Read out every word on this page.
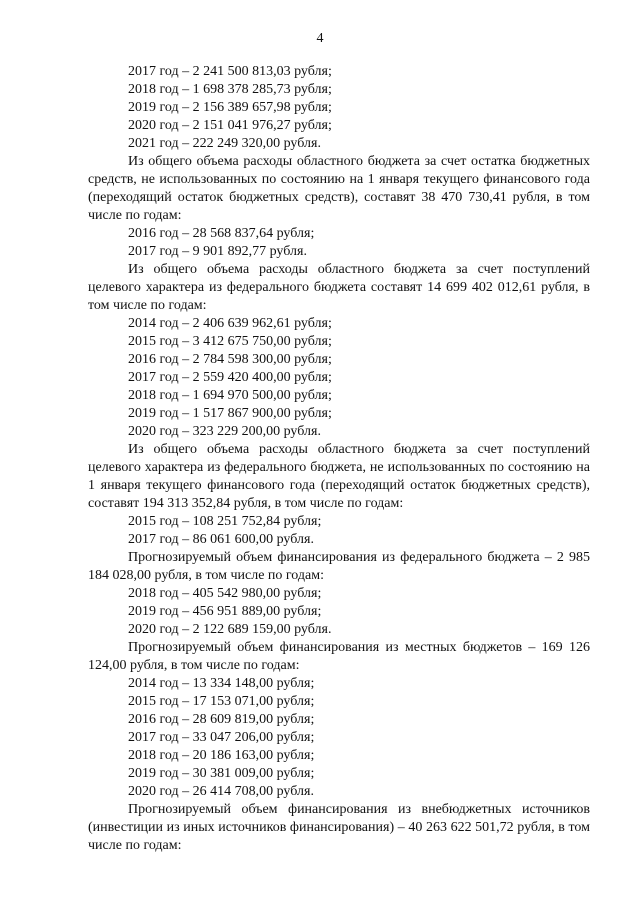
4

2017 год – 2 241 500 813,03 рубля;

2018 год – 1 698 378 285,73 рубля;

2019 год – 2 156 389 657,98 рубля;

2020 год – 2 151 041 976,27 рубля;

2021 год – 222 249 320,00 рубля.

Из общего объема расходы областного бюджета за счет остатка бюджетных средств, не использованных по состоянию на 1 января текущего финансового года (переходящий остаток бюджетных средств), составят 38 470 730,41 рубля, в том числе по годам:

2016 год – 28 568 837,64 рубля;

2017 год – 9 901 892,77 рубля.

Из общего объема расходы областного бюджета за счет поступлений целевого характера из федерального бюджета составят 14 699 402 012,61 рубля, в том числе по годам:

2014 год – 2 406 639 962,61 рубля;

2015 год – 3 412 675 750,00 рубля;

2016 год – 2 784 598 300,00 рубля;

2017 год – 2 559 420 400,00 рубля;

2018 год – 1 694 970 500,00 рубля;

2019 год – 1 517 867 900,00 рубля;

2020 год – 323 229 200,00 рубля.

Из общего объема расходы областного бюджета за счет поступлений целевого характера из федерального бюджета, не использованных по состоянию на 1 января текущего финансового года (переходящий остаток бюджетных средств), составят 194 313 352,84 рубля, в том числе по годам:

2015 год – 108 251 752,84 рубля;

2017 год – 86 061 600,00 рубля.

Прогнозируемый объем финансирования из федерального бюджета – 2 985 184 028,00 рубля, в том числе по годам:

2018 год – 405 542 980,00 рубля;

2019 год – 456 951 889,00 рубля;

2020 год – 2 122 689 159,00 рубля.

Прогнозируемый объем финансирования из местных бюджетов – 169 126 124,00 рубля, в том числе по годам:

2014 год – 13 334 148,00 рубля;

2015 год – 17 153 071,00 рубля;

2016 год – 28 609 819,00 рубля;

2017 год – 33 047 206,00 рубля;

2018 год – 20 186 163,00 рубля;

2019 год – 30 381 009,00 рубля;

2020 год – 26 414 708,00 рубля.

Прогнозируемый объем финансирования из внебюджетных источников (инвестиции из иных источников финансирования) – 40 263 622 501,72 рубля, в том числе по годам:
